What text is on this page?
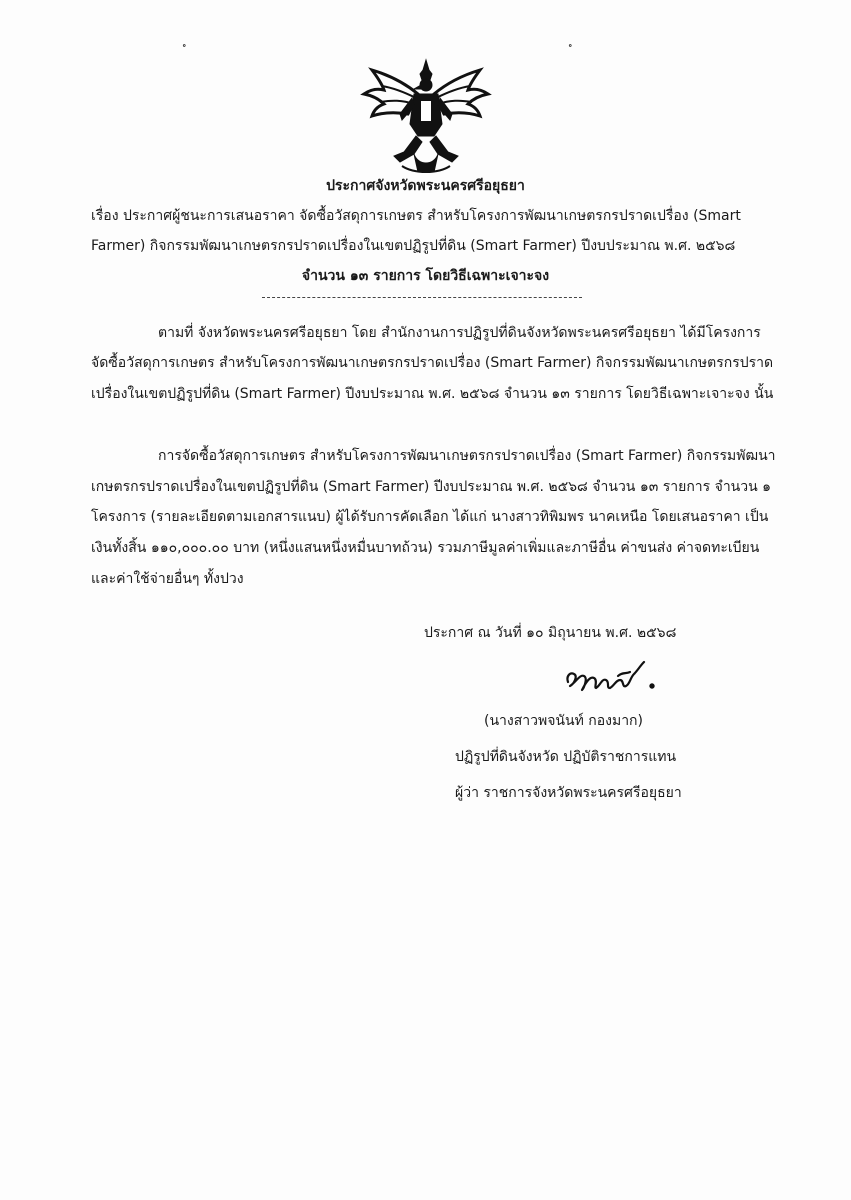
ประกาศจังหวัดพระนครศรีอยุธยา
เรื่อง ประกาศผู้ชนะการเสนอราคา จัดซื้อวัสดุการเกษตร สำหรับโครงการพัฒนาเกษตรกรปราดเปรื่อง (Smart
Farmer) กิจกรรมพัฒนาเกษตรกรปราดเปรื่องในเขตปฏิรูปที่ดิน (Smart Farmer) ปีงบประมาณ พ.ศ. ๒๕๖๘
จำนวน ๑๓ รายการ โดยวิธีเฉพาะเจาะจง
ตามที่ จังหวัดพระนครศรีอยุธยา โดย สำนักงานการปฏิรูปที่ดินจังหวัดพระนครศรีอยุธยา ได้มีโครงการ
จัดซื้อวัสดุการเกษตร สำหรับโครงการพัฒนาเกษตรกรปราดเปรื่อง (Smart Farmer) กิจกรรมพัฒนาเกษตรกรปราด
เปรื่องในเขตปฏิรูปที่ดิน (Smart Farmer) ปีงบประมาณ พ.ศ. ๒๕๖๘ จำนวน ๑๓ รายการ โดยวิธีเฉพาะเจาะจง นั้น
การจัดซื้อวัสดุการเกษตร สำหรับโครงการพัฒนาเกษตรกรปราดเปรื่อง (Smart Farmer) กิจกรรมพัฒนา
เกษตรกรปราดเปรื่องในเขตปฏิรูปที่ดิน (Smart Farmer) ปีงบประมาณ พ.ศ. ๒๕๖๘ จำนวน ๑๓ รายการ จำนวน ๑
โครงการ (รายละเอียดตามเอกสารแนบ) ผู้ได้รับการคัดเลือก ได้แก่ นางสาวทิพิมพร นาคเหนือ โดยเสนอราคา เป็น
เงินทั้งสิ้น ๑๑๐,๐๐๐.๐๐ บาท (หนึ่งแสนหนึ่งหมื่นบาทถ้วน) รวมภาษีมูลค่าเพิ่มและภาษีอื่น ค่าขนส่ง ค่าจดทะเบียน
และค่าใช้จ่ายอื่นๆ ทั้งปวง
ประกาศ ณ วันที่ ๑๐ มิถุนายน พ.ศ. ๒๕๖๘
(นางสาวพจนันท์ กองมาก)
ปฏิรูปที่ดินจังหวัด ปฏิบัติราชการแทน
ผู้ว่า ราชการจังหวัดพระนครศรีอยุธยา
